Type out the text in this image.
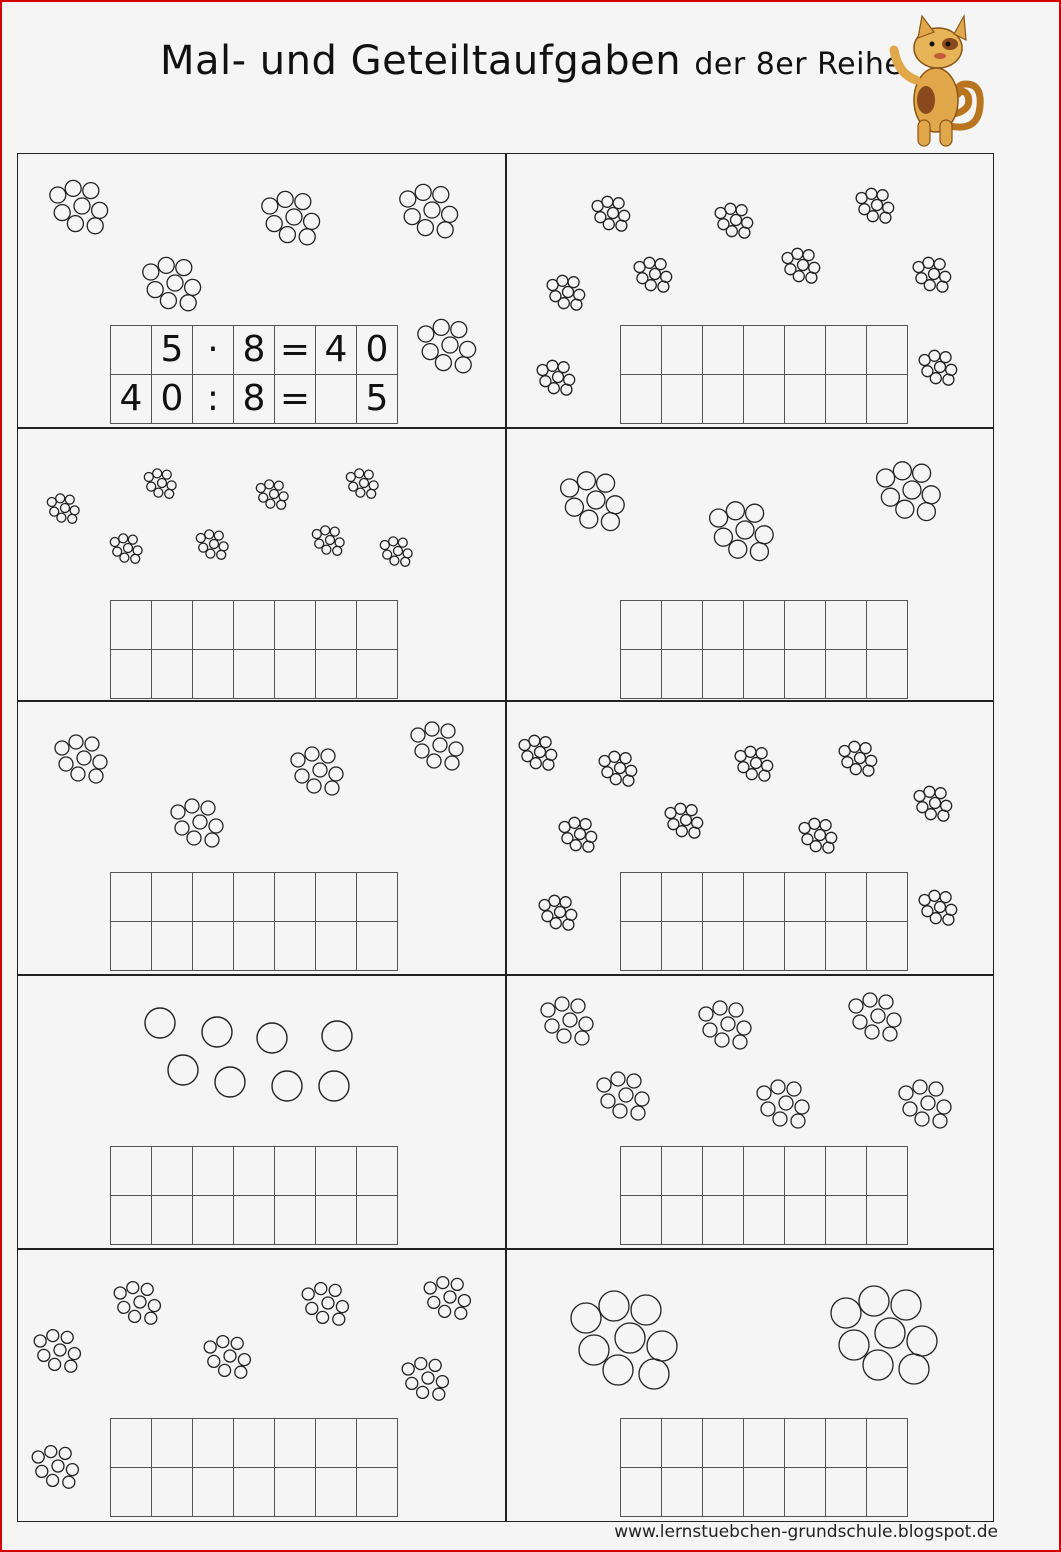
Mal- und Geteiltaufgaben der 8er Reihe
	5	·	8	=	4	0
4	0	:	8	=		5

www.lernstuebchen-grundschule.blogspot.de
